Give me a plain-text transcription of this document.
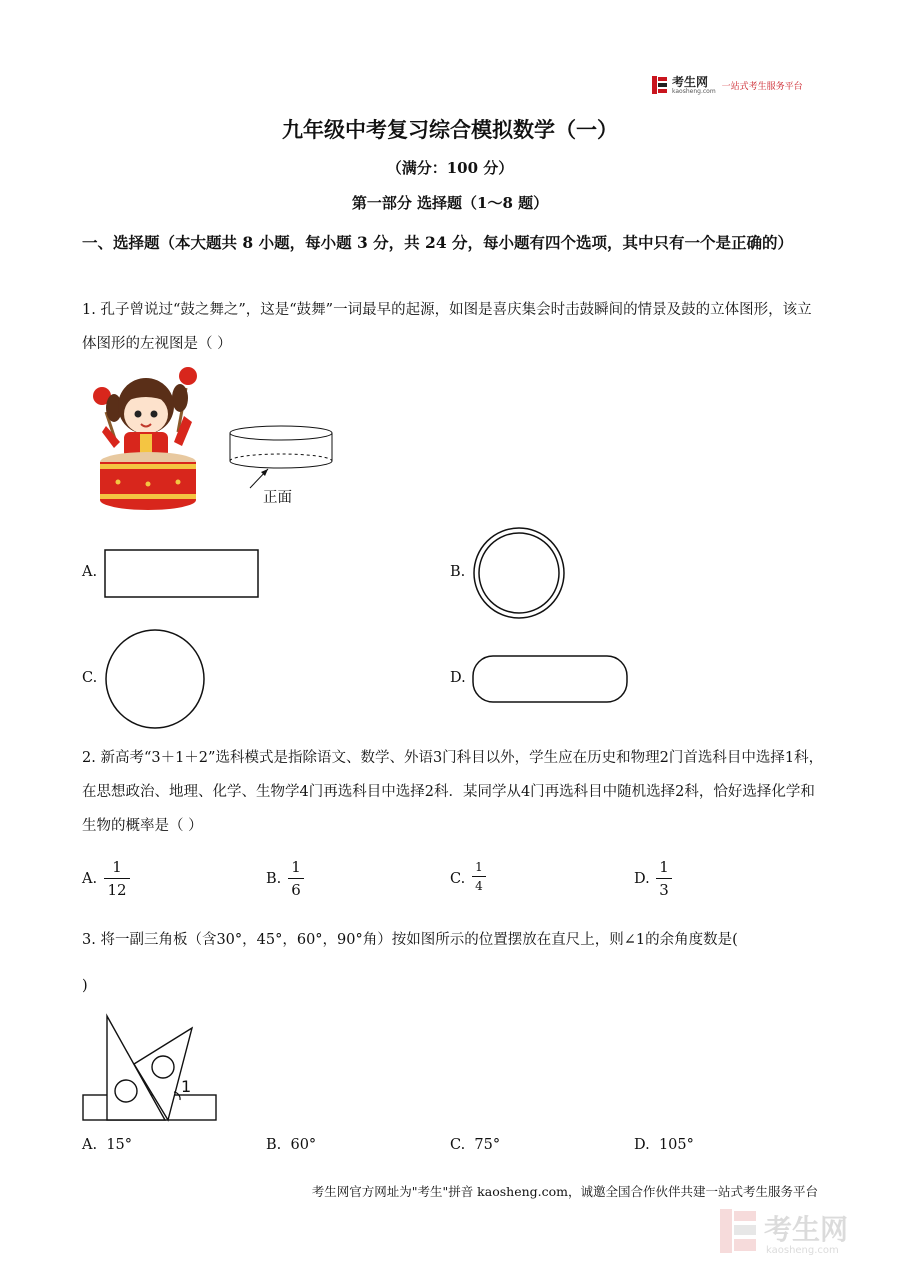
考生网
kaosheng.com 一站式考生服务平台
九年级中考复习综合模拟数学（一）
（满分：100 分）
第一部分 选择题（1～8 题）
一、选择题（本大题共 8 小题，每小题 3 分，共 24 分，每小题有四个选项，其中只有一个是正确的）
1. 孔子曾说过“鼓之舞之”，这是“鼓舞”一词最早的起源，如图是喜庆集会时击鼓瞬间的情景及鼓的立体图形，该立体图形的左视图是（ ）
正面
A.	B.
C.	D.
2. 新高考“3＋1＋2”选科模式是指除语文、数学、外语3门科目以外，学生应在历史和物理2门首选科目中选择1科，在思想政治、地理、化学、生物学4门再选科目中选择2科．某同学从4门再选科目中随机选择2科，恰好选择化学和生物的概率是（ ）
A.
1
12
B.
1
6
C.
1
4	D.
1
3
3. 将一副三角板（含30°，45°，60°，90°角）按如图所示的位置摆放在直尺上，则∠1的余角度数是(
)
1
A. 15°	B. 60°	C. 75°	D. 105°
考生网官方网址为"考生"拼音 kaosheng.com，诚邀全国合作伙伴共建一站式考生服务平台
考生网
kaosheng.com
